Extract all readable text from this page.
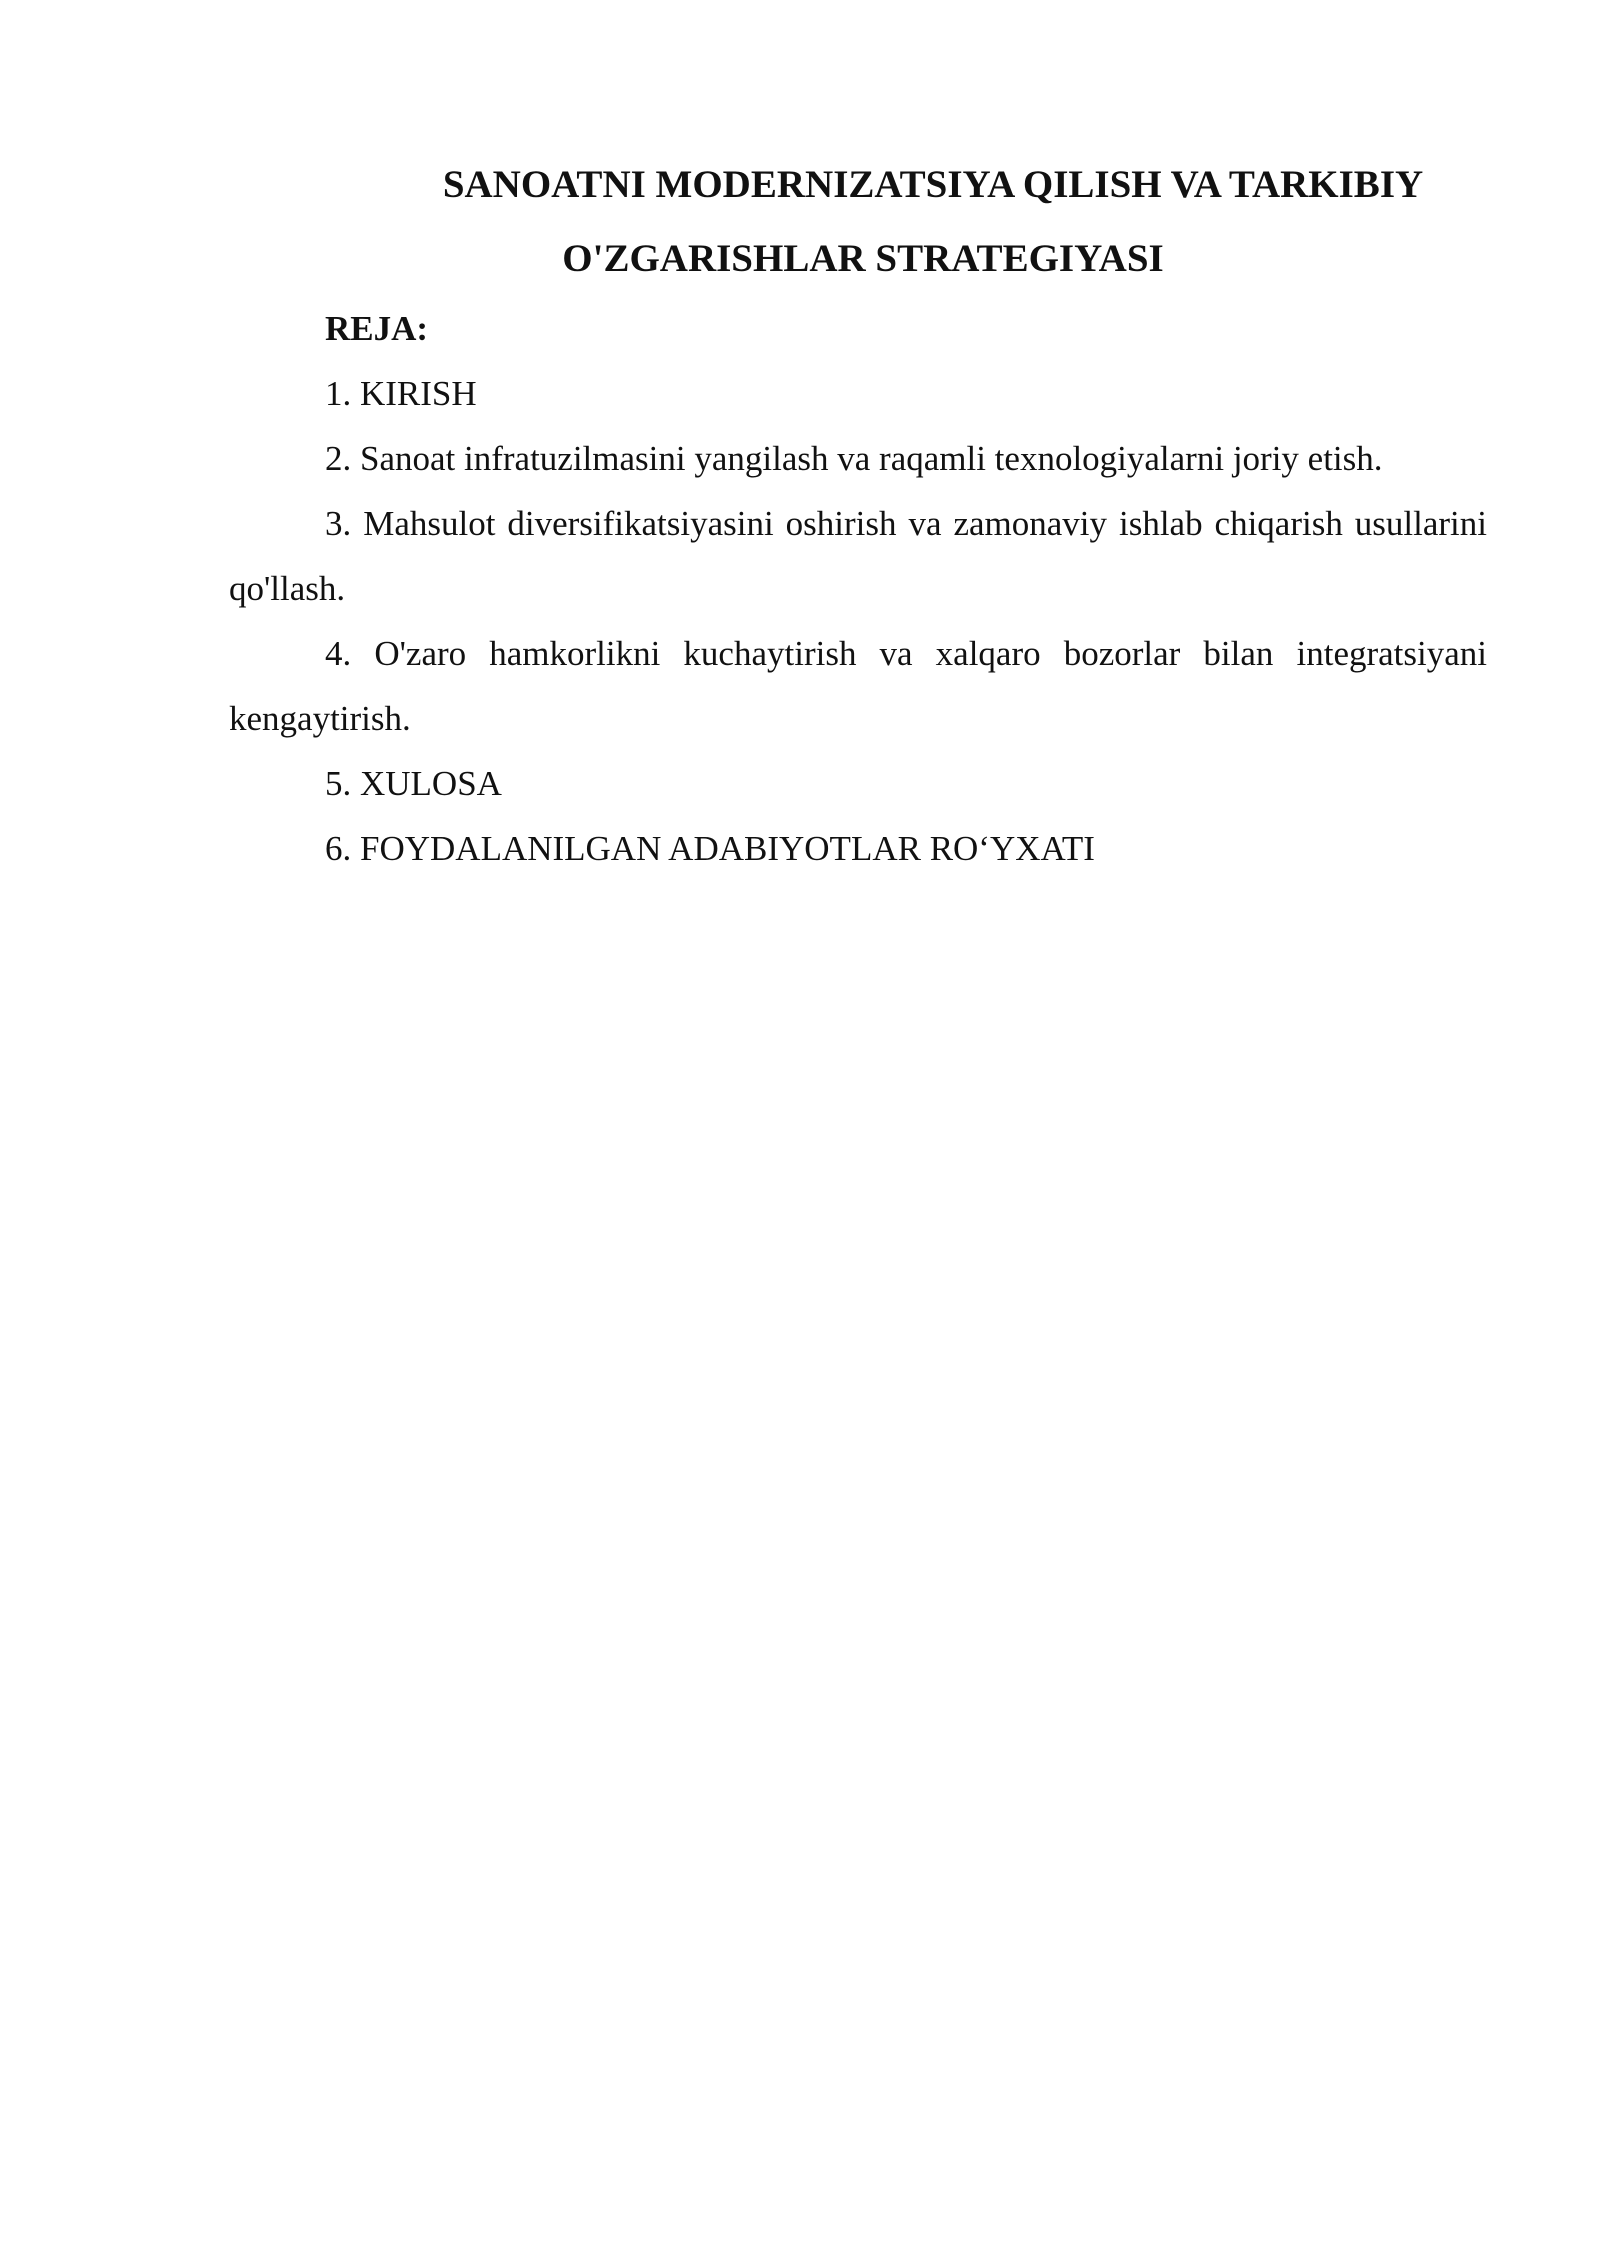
SANOATNI MODERNIZATSIYA QILISH VA TARKIBIY
O'ZGARISHLAR STRATEGIYASI

REJA:

1. KIRISH
2. Sanoat infratuzilmasini yangilash va raqamli texnologiyalarni joriy etish.
3. Mahsulot diversifikatsiyasini oshirish va zamonaviy ishlab chiqarish usullarini qo'llash.
4. O'zaro hamkorlikni kuchaytirish va xalqaro bozorlar bilan integratsiyani kengaytirish.
5. XULOSA
6. FOYDALANILGAN ADABIYOTLAR RO‘YXATI
